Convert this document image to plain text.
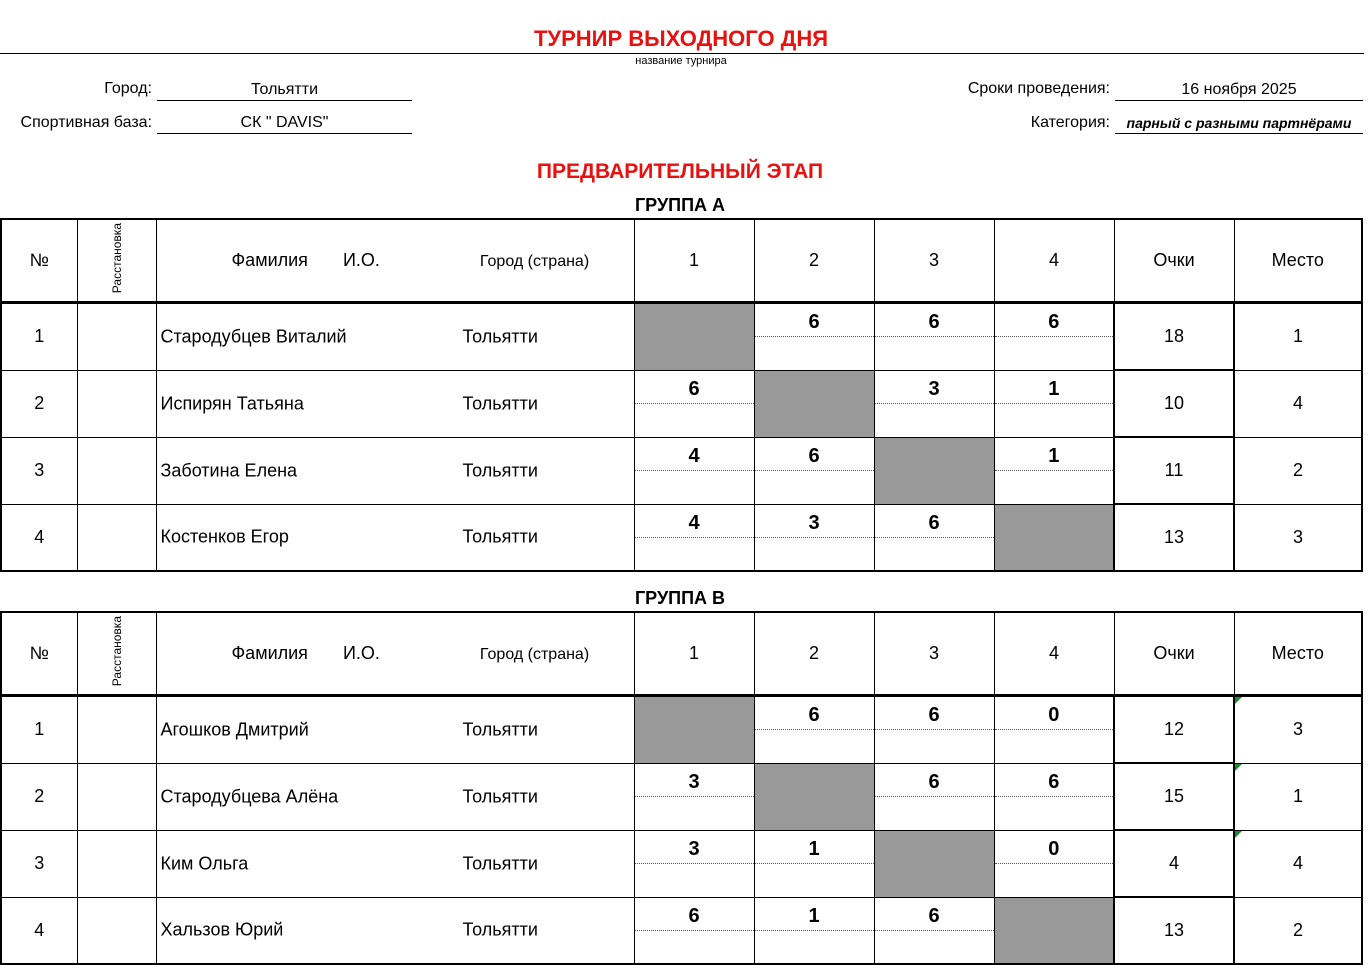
ТУРНИР ВЫХОДНОГО ДНЯ
название турнира
Город:	Тольятти
Спортивная база:	СК " DAVIS"
Сроки проведения:	16 ноября 2025
Категория:	парный с разными партнёрами
ПРЕДВАРИТЕЛЬНЫЙ ЭТАП
ГРУППА А
ГРУППА В
№	Расстановка	Фамилия И.О. Город (страна)	1	2	3	4	Очки	Место
1		Стародубцев Виталий Тольятти		6	6	6	18	1
2		Испирян Татьяна Тольятти	6		3	1	10	4
3		Заботина Елена Тольятти	4	6		1	11	2
4		Костенков Егор Тольятти	4	3	6		13	3
№	Расстановка	Фамилия И.О. Город (страна)	1	2	3	4	Очки	Место
1		Агошков Дмитрий Тольятти		6	6	0	12	3

2		Стародубцева Алёна Тольятти	3		6	6	15	1

3		Ким Ольга Тольятти	3	1		0	4	4

4		Хальзов Юрий Тольятти	6	1	6		13	2
